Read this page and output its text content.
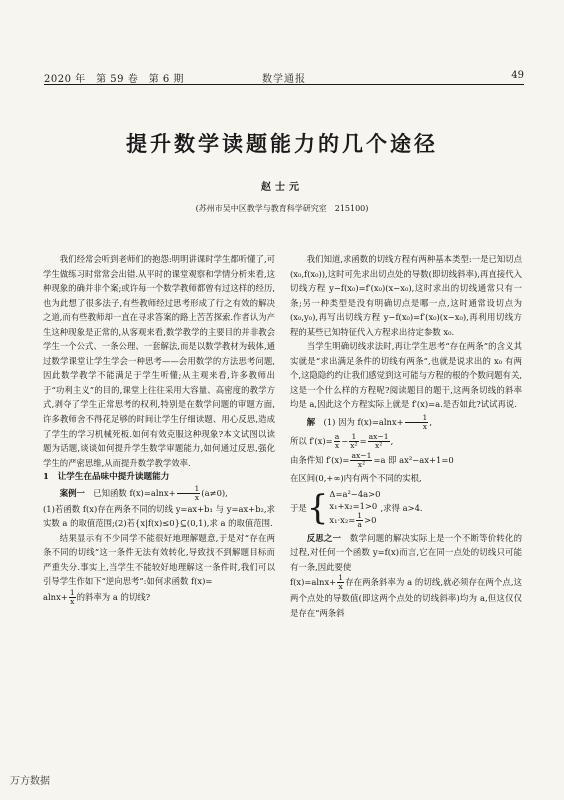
2020 年　第 59 卷　第 6 期	数学通报	49
提升数学读题能力的几个途径
赵士元
(苏州市吴中区教学与教育科学研究室　215100)

我们经常会听到老师们的抱怨:明明讲课时学生都听懂了,可学生做练习时常常会出错.从平时的课堂观察和学情分析来看,这种现象的确并非个案;或许每一个数学教师都曾有过这样的经历,也为此想了很多法子,有些教师经过思考形成了行之有效的解决之道,而有些教师却一直在寻求答案的路上苦苦探索.作者认为产生这种现象是正常的,从客观来看,数学教学的主要目的并非教会学生一个公式、一条公理、一套解法,而是以数学教材为载体,通过数学课堂让学生学会一种思考——会用数学的方法思考问题,因此数学教学不能满足于学生听懂;从主观来看,许多教师出于“功利主义”的目的,课堂上往往采用大容量、高密度的教学方式,剥夺了学生正常思考的权利,特别是在数学问题的审题方面,许多教师舍不得花足够的时间让学生仔细读题、用心反思,造成了学生的学习机械死板.如何有效克服这种现象?本文试图以读题为话题,谈谈如何提升学生数学审题能力,如何通过反思,强化学生的严密思维,从而提升数学教学效率.

1　让学生在品味中提升读题能力

案例一　 已知函数 $f(x)=alnx+ \frac{1}{x} (a\ne 0)$,

(1)若函数 f(x)存在两条不同的切线 y=ax+b₁ 与 y=ax+b₂,求实数 a 的取值范围;(2)若{x|f(x)≤0}⊆(0,1),求 a 的取值范围.

结果显示有不少同学不能很好地理解题意,于是对“存在两条不同的切线”这一条件无法有效转化,导致找不到解题目标而严重失分.事实上,当学生不能较好地理解这一条件时,我们可以引导学生作如下“逆向思考”:如何求函数 f(x)=

$alnx+ \frac{1}{x}$ 的斜率为 a 的切线?

我们知道,求函数的切线方程有两种基本类型:一是已知切点(x₀,f(x₀)),这时可先求出切点处的导数(即切线斜率),再直接代入切线方程 y−f(x₀)=f′(x₀)(x−x₀),这时求出的切线通常只有一条;另一种类型是没有明确切点是哪一点,这时通常设切点为(x₀,y₀),再写出切线方程 y−f(x₀)=f′(x₀)(x−x₀),再利用切线方程的某些已知特征代入方程求出待定参数 x₀.

当学生明确切线求法时,再让学生思考“存在两条”的含义其实就是“求出满足条件的切线有两条”,也就是说求出的 x₀ 有两个,这隐隐约约让我们感觉到这可能与方程的根的个数问题有关,这是一个什么样的方程呢?阅读题目的题干,这两条切线的斜率均是 a,因此这个方程实际上就是 f′(x)=a.是否如此?试试再说.

解　 (1) 因为 $f(x)=alnx+ \frac{1}{x}$ ,

所以 $f'(x)= \frac{a}{x} - \frac{1}{\text{x²}} = \frac{ax-1}{\text{x²}}$ ,

由条件知 $f'(x)= \frac{ax-1}{\text{x²}} =a$ 即 ax²−ax+1=0

在区间(0,+∞)内有两个不同的实根,

于是 { Δ=a²−4a>0
x₁+x₂=1>0
$x_1\cdot x_2= \frac{1}{a} >0$
,求得 a>4.

反思之一　 数学问题的解决实际上是一个不断等价转化的过程,对任何一个函数 y=f(x)而言,它在同一点处的切线只可能有一条,因此要使

$f(x)=alnx+ \frac{1}{x}$ 存在两条斜率为 a 的切线,就必须存在两个点,这两个点处的导数值(即这两个点处的切线斜率)均为 a,但这仅仅是存在“两条斜

万方数据
